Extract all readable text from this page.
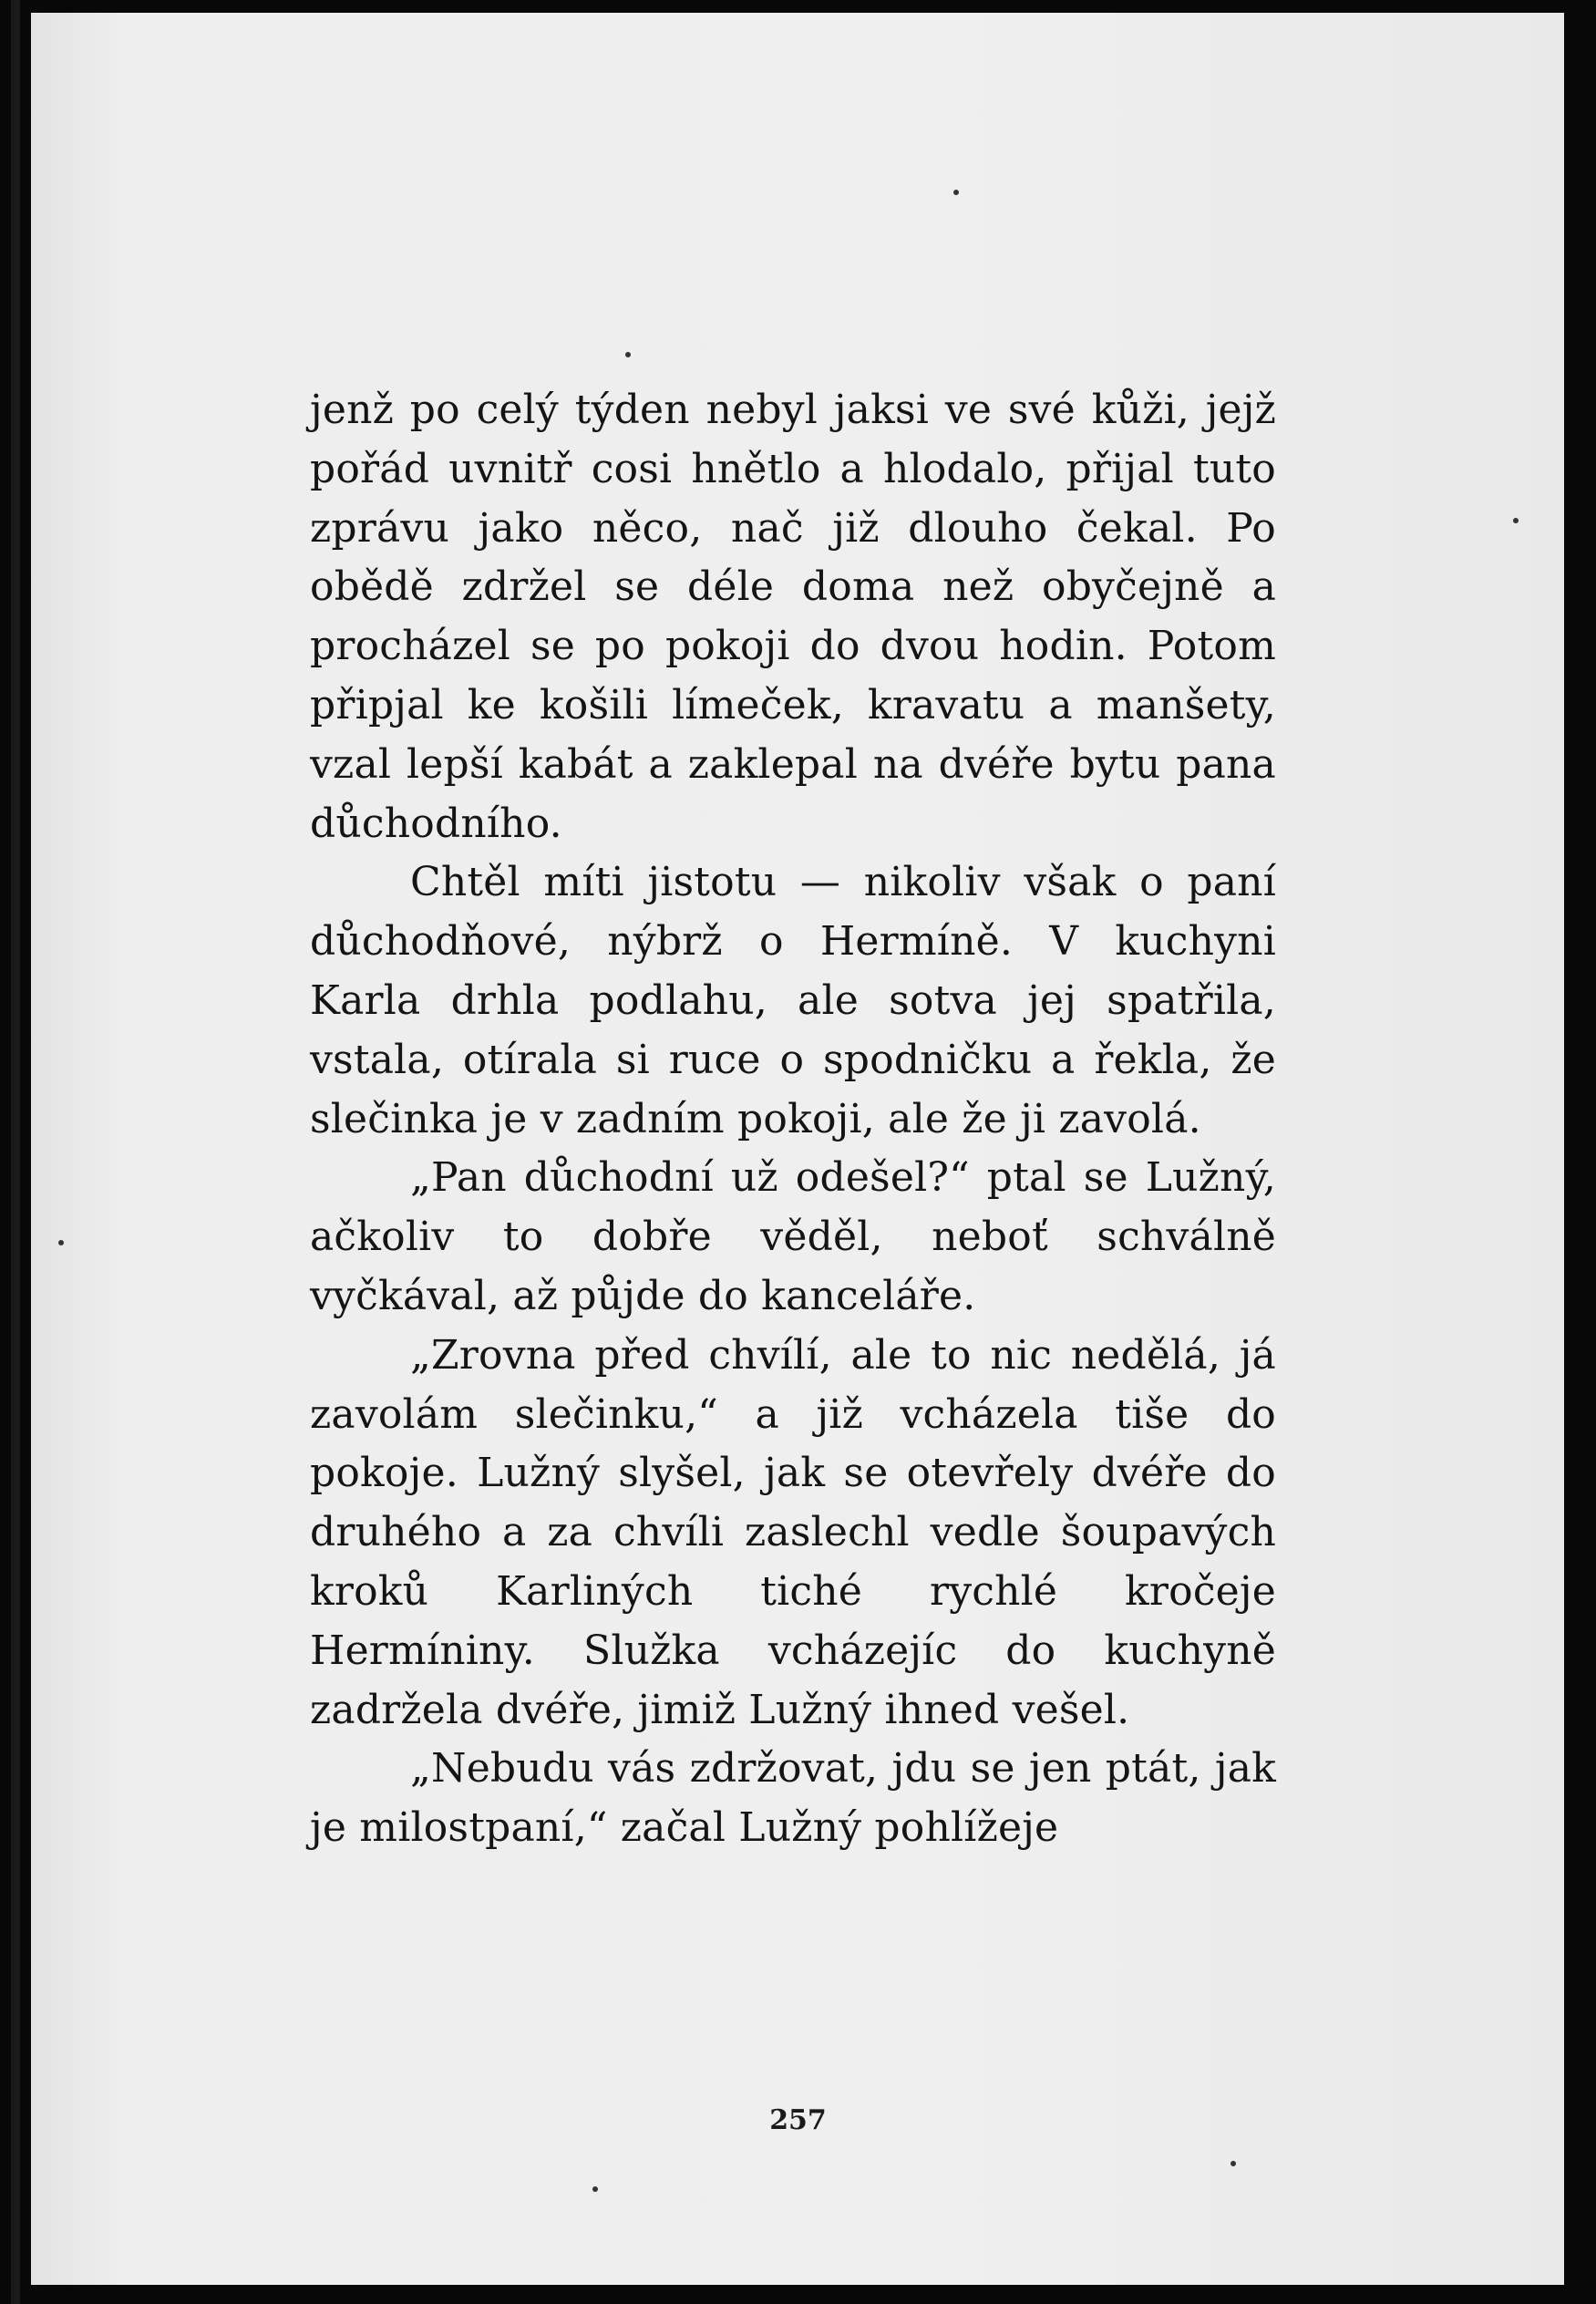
jenž po celý týden nebyl jaksi ve své kůži, jejž pořád uvnitř cosi hnětlo a hlodalo, přijal tuto zprávu jako něco, nač již dlouho čekal. Po obědě zdržel se déle doma než obyčejně a procházel se po pokoji do dvou hodin. Potom připjal ke košili límeček, kravatu a manšety, vzal lepší kabát a zaklepal na dvéře bytu pana důchodního.

Chtěl míti jistotu — nikoliv však o paní důchodňové, nýbrž o Hermíně. V kuchyni Karla drhla podlahu, ale sotva jej spatřila, vstala, otírala si ruce o spodničku a řekla, že slečinka je v zadním pokoji, ale že ji zavolá.

„Pan důchodní už odešel?“ ptal se Lužný, ačkoliv to dobře věděl, neboť schválně vyčkával, až půjde do kanceláře.

„Zrovna před chvílí, ale to nic nedělá, já zavolám slečinku,“ a již vcházela tiše do pokoje. Lužný slyšel, jak se otevřely dvéře do druhého a za chvíli zaslechl vedle šoupavých kroků Karliných tiché rychlé kročeje Hermíniny. Služka vcházejíc do kuchyně zadržela dvéře, jimiž Lužný ihned vešel.

„Nebudu vás zdržovat, jdu se jen ptát, jak je milostpaní,“ začal Lužný pohlížeje

257
